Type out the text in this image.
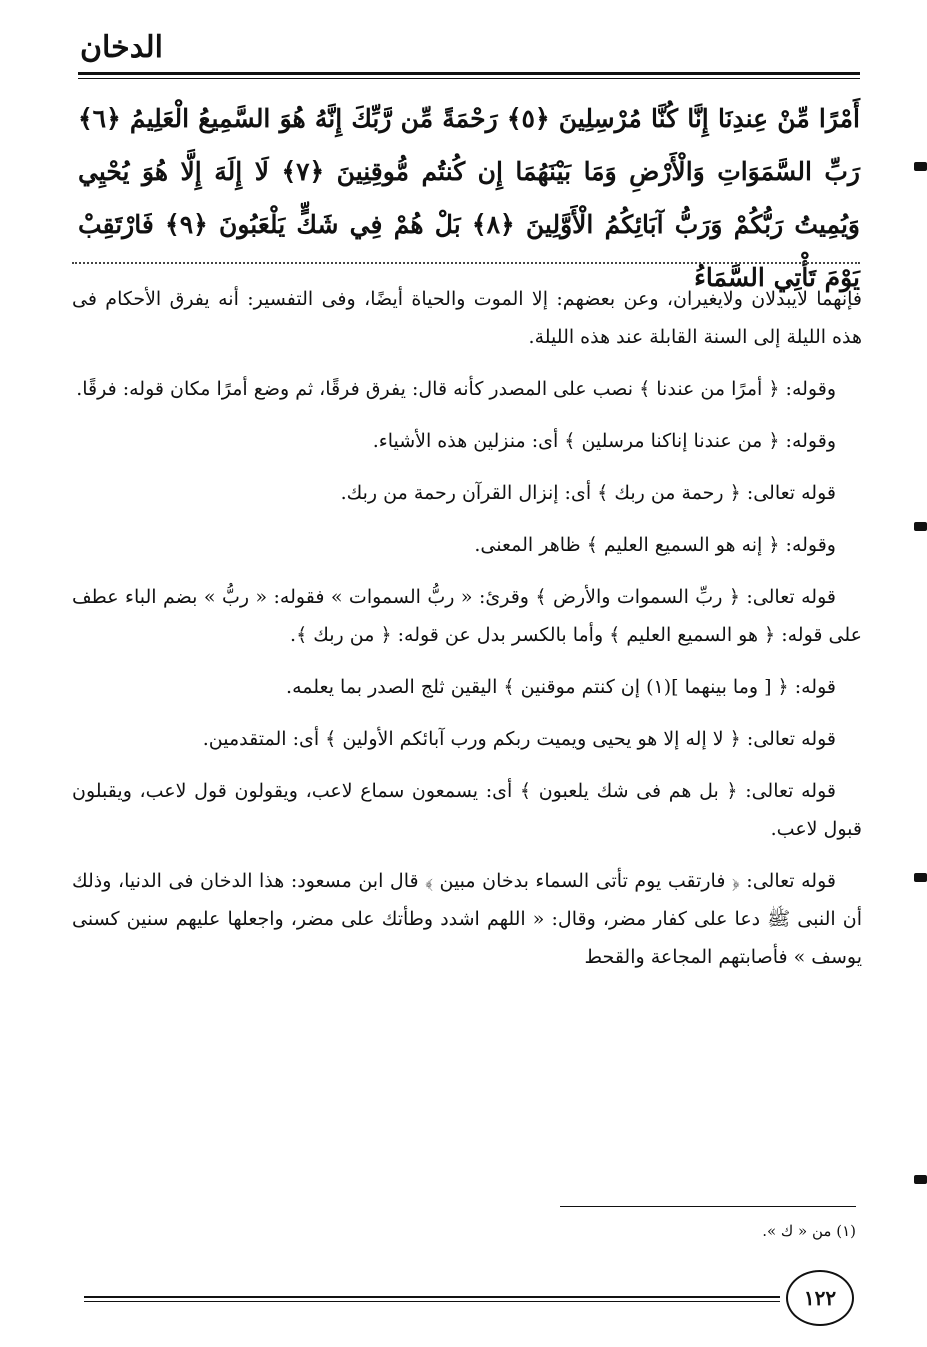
الدخان
أَمْرًا مِّنْ عِندِنَا إِنَّا كُنَّا مُرْسِلِينَ ﴿٥﴾ رَحْمَةً مِّن رَّبِّكَ إِنَّهُ هُوَ السَّمِيعُ الْعَلِيمُ ﴿٦﴾ رَبِّ السَّمَوَاتِ وَالْأَرْضِ وَمَا بَيْنَهُمَا إِن كُنتُم مُّوقِنِينَ ﴿٧﴾ لَا إِلَهَ إِلَّا هُوَ يُحْيِي وَيُمِيتُ رَبُّكُمْ وَرَبُّ آبَائِكُمُ الْأَوَّلِينَ ﴿٨﴾ بَلْ هُمْ فِي شَكٍّ يَلْعَبُونَ ﴿٩﴾ فَارْتَقِبْ يَوْمَ تَأْتِي السَّمَاءُ

فإنهما لايبدلان ولايغيران، وعن بعضهم: إلا الموت والحياة أيضًا، وفى التفسير: أنه يفرق الأحكام فى هذه الليلة إلى السنة القابلة عند هذه الليلة.

وقوله: ﴿ أمرًا من عندنا ﴾ نصب على المصدر كأنه قال: يفرق فرقًا، ثم وضع أمرًا مكان قوله: فرقًا.

وقوله: ﴿ من عندنا إناكنا مرسلين ﴾ أى: منزلين هذه الأشياء.

قوله تعالى: ﴿ رحمة من ربك ﴾ أى: إنزال القرآن رحمة من ربك.

وقوله: ﴿ إنه هو السميع العليم ﴾ ظاهر المعنى.

قوله تعالى: ﴿ ربِّ السموات والأرض ﴾ وقرئ: « ربُّ السموات » فقوله: « ربُّ » بضم الباء عطف على قوله: ﴿ هو السميع العليم ﴾ وأما بالكسر بدل عن قوله: ﴿ من ربك ﴾.

قوله: ﴿ [ وما بينهما ](١) إن كنتم موقنين ﴾ اليقين ثلج الصدر بما يعلمه.

قوله تعالى: ﴿ لا إله إلا هو يحيى ويميت ربكم ورب آبائكم الأولين ﴾ أى: المتقدمين.

قوله تعالى: ﴿ بل هم فى شك يلعبون ﴾ أى: يسمعون سماع لاعب، ويقولون قول لاعب، ويقبلون قبول لاعب.

قوله تعالى: ﴿ فارتقب يوم تأتى السماء بدخان مبين ﴾ قال ابن مسعود: هذا الدخان فى الدنيا، وذلك أن النبى ﷺ دعا على كفار مضر، وقال: « اللهم اشدد وطأتك على مضر، واجعلها عليهم سنين كسنى يوسف » فأصابتهم المجاعة والقحط

(١) من « ك ».
١٢٢
